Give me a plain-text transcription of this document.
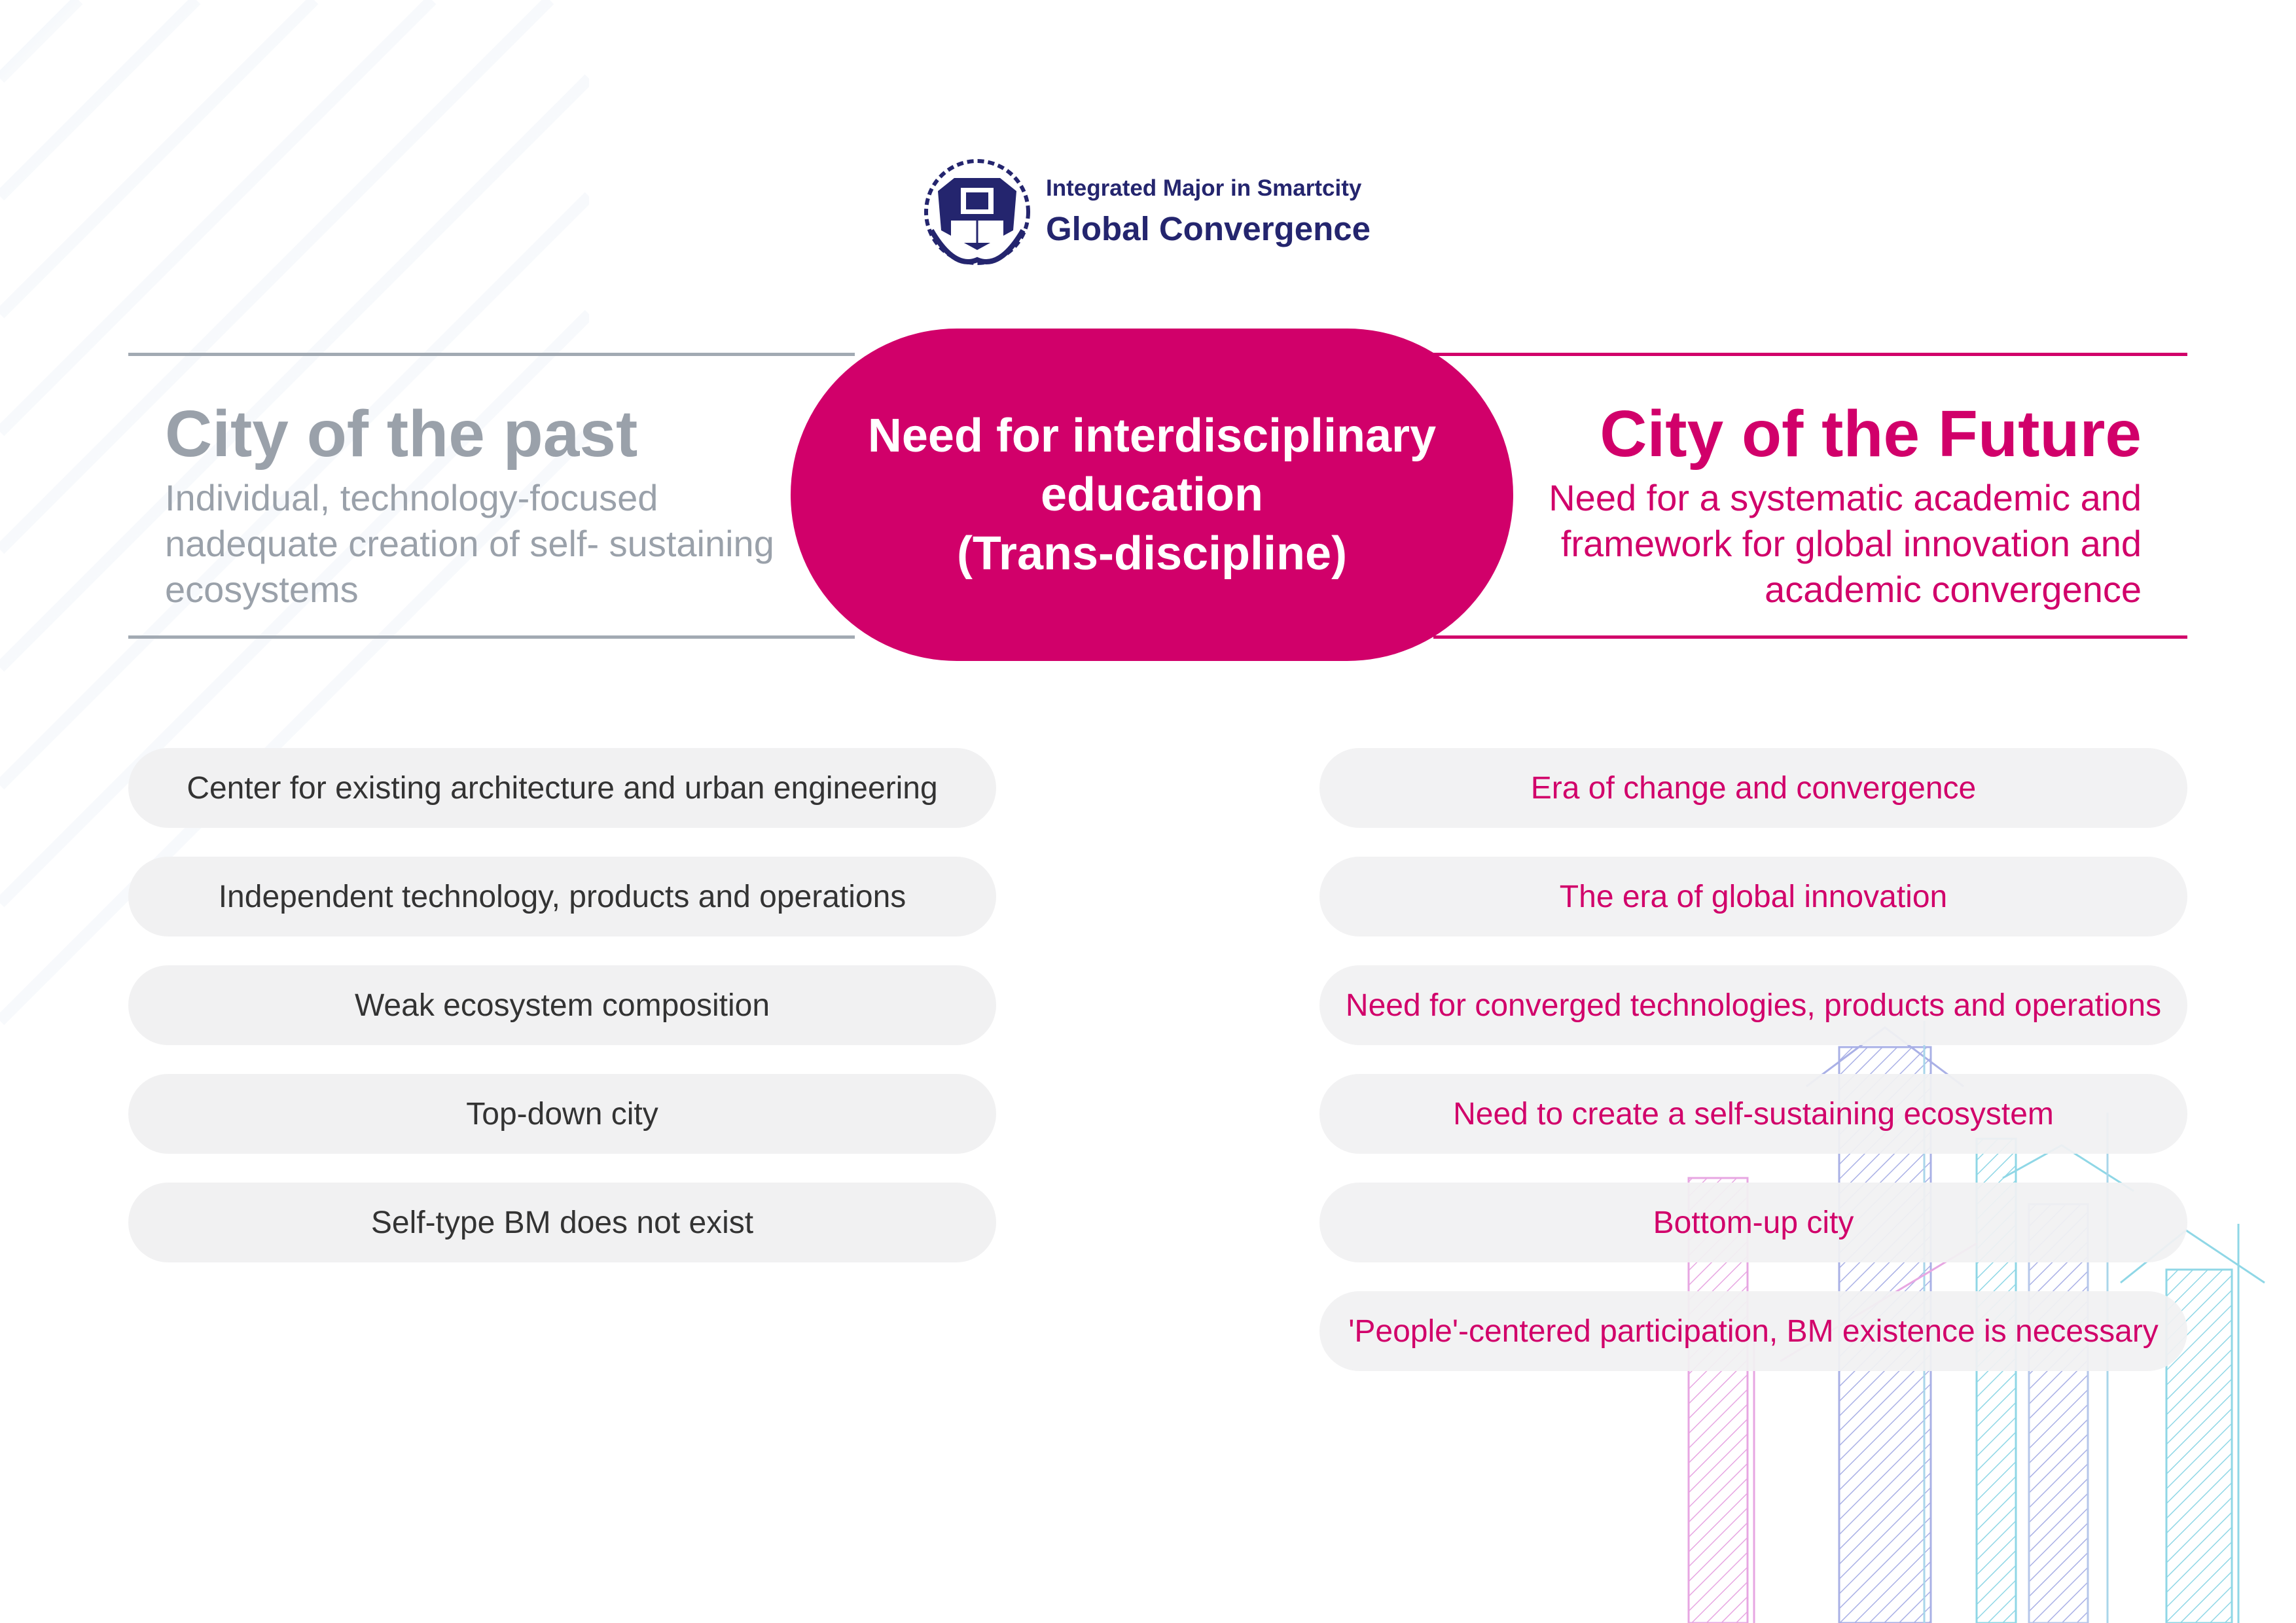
Integrated Major in Smartcity
Global Convergence
City of the past
Individual, technology-focused
nadequate creation of self- sustaining
ecosystems
City of the Future
Need for a systematic academic and
framework for global innovation and
academic convergence
Need for interdisciplinary
education
(Trans-discipline)
Center for existing architecture and urban engineering
Independent technology, products and operations
Weak ecosystem composition
Top-down city
Self-type BM does not exist
Era of change and convergence
The era of global innovation
Need for converged technologies, products and operations
Need to create a self-sustaining ecosystem
Bottom-up city
'People'-centered participation, BM existence is necessary
